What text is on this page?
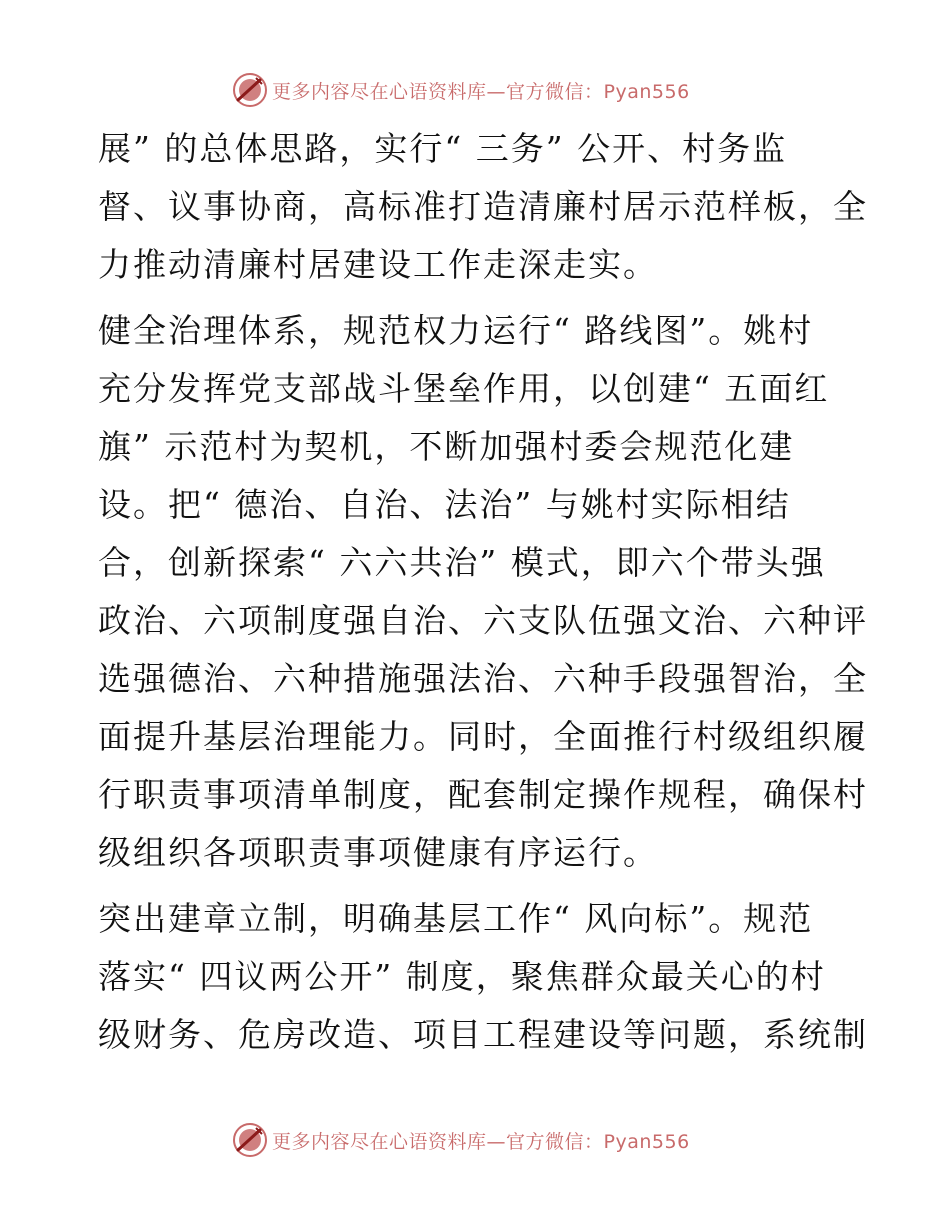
更多内容尽在心语资料库—官方微信：Pyan556

展” 的总体思路，实行“ 三务” 公开、村务监
督、议事协商，高标准打造清廉村居示范样板，全
力推动清廉村居建设工作走深走实。

健全治理体系，规范权力运行“ 路线图”。姚村
充分发挥党支部战斗堡垒作用，以创建“ 五面红
旗” 示范村为契机，不断加强村委会规范化建
设。把“ 德治、自治、法治” 与姚村实际相结
合，创新探索“ 六六共治” 模式，即六个带头强
政治、六项制度强自治、六支队伍强文治、六种评
选强德治、六种措施强法治、六种手段强智治，全
面提升基层治理能力。同时，全面推行村级组织履
行职责事项清单制度，配套制定操作规程，确保村
级组织各项职责事项健康有序运行。

突出建章立制，明确基层工作“ 风向标”。规范
落实“ 四议两公开” 制度，聚焦群众最关心的村
级财务、危房改造、项目工程建设等问题，系统制

更多内容尽在心语资料库—官方微信：Pyan556
